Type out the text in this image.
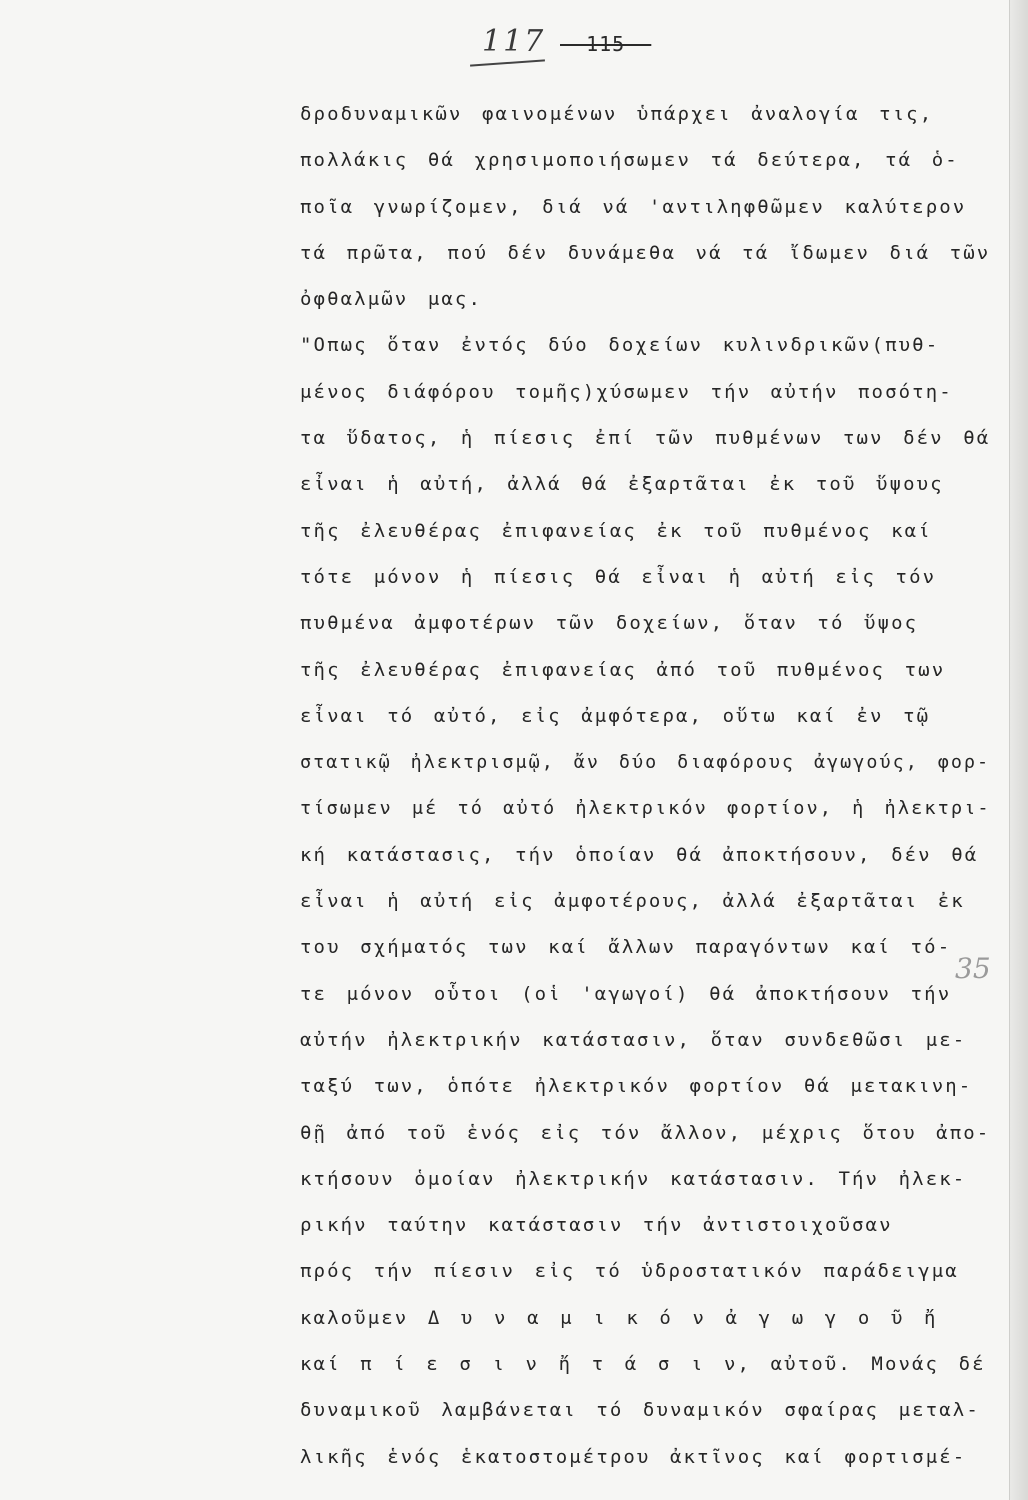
117 - 115 -
35
δροδυναμικῶν φαινομένων ὑπάρχει ἀναλογία τις,
πολλάκις θά χρησιμοποιήσωμεν τά δεύτερα, τά ὁ-
ποῖα γνωρίζομεν, διά νά 'αντιληφθῶμεν καλύτερον
τά πρῶτα, πού δέν δυνάμεθα νά τά ἴδωμεν διά τῶν
ὀφθαλμῶν μας.
"Οπως ὅταν ἐντός δύο δοχείων κυλινδρικῶν(πυθ-
μένος διάφόρου τομῆς)χύσωμεν τήν αὐτήν ποσότη-
τα ὕδατος, ἡ πίεσις ἐπί τῶν πυθμένων των δέν θά
εἶναι ἡ αὐτή, ἀλλά θά ἐξαρτᾶται ἐκ τοῦ ὕψους
τῆς ἐλευθέρας ἐπιφανείας ἐκ τοῦ πυθμένος καί
τότε μόνον ἡ πίεσις θά εἶναι ἡ αὐτή εἰς τόν
πυθμένα ἀμφοτέρων τῶν δοχείων, ὅταν τό ὕψος
τῆς ἐλευθέρας ἐπιφανείας ἀπό τοῦ πυθμένος των
εἶναι τό αὐτό, εἰς ἀμφότερα, οὕτω καί ἐν τῷ
στατικῷ ἠλεκτρισμῷ, ἄν δύο διαφόρους ἀγωγούς, φορ-
τίσωμεν μέ τό αὐτό ἠλεκτρικόν φορτίον, ἡ ἠλεκτρι-
κή κατάστασις, τήν ὁποίαν θά ἀποκτήσουν, δέν θά
εἶναι ἡ αὐτή εἰς ἀμφοτέρους, ἀλλά ἐξαρτᾶται ἐκ
του σχήματός των καί ἄλλων παραγόντων καί τό-
τε μόνον οὗτοι (οἱ 'αγωγοί) θά ἀποκτήσουν τήν
αὐτήν ἠλεκτρικήν κατάστασιν, ὅταν συνδεθῶσι με-
ταξύ των, ὁπότε ἠλεκτρικόν φορτίον θά μετακινη-
θῇ ἀπό τοῦ ἑνός εἰς τόν ἄλλον, μέχρις ὅτου ἀπο-
κτήσουν ὁμοίαν ἠλεκτρικήν κατάστασιν. Τήν ἠλεκ-
ρικήν ταύτην κατάστασιν τήν ἀντιστοιχοῦσαν
πρός τήν πίεσιν εἰς τό ὑδροστατικόν παράδειγμα
καλοῦμεν Δ υ ν α μ ι κ ό ν ἀ γ ω γ ο ῦ ἤ
καί π ί ε σ ι ν ἤ τ ά σ ι ν, αὐτοῦ. Μονάς δέ
δυναμικοῦ λαμβάνεται τό δυναμικόν σφαίρας μεταλ-
λικῆς ἑνός ἑκατοστομέτρου ἀκτῖνος καί φορτισμέ-
